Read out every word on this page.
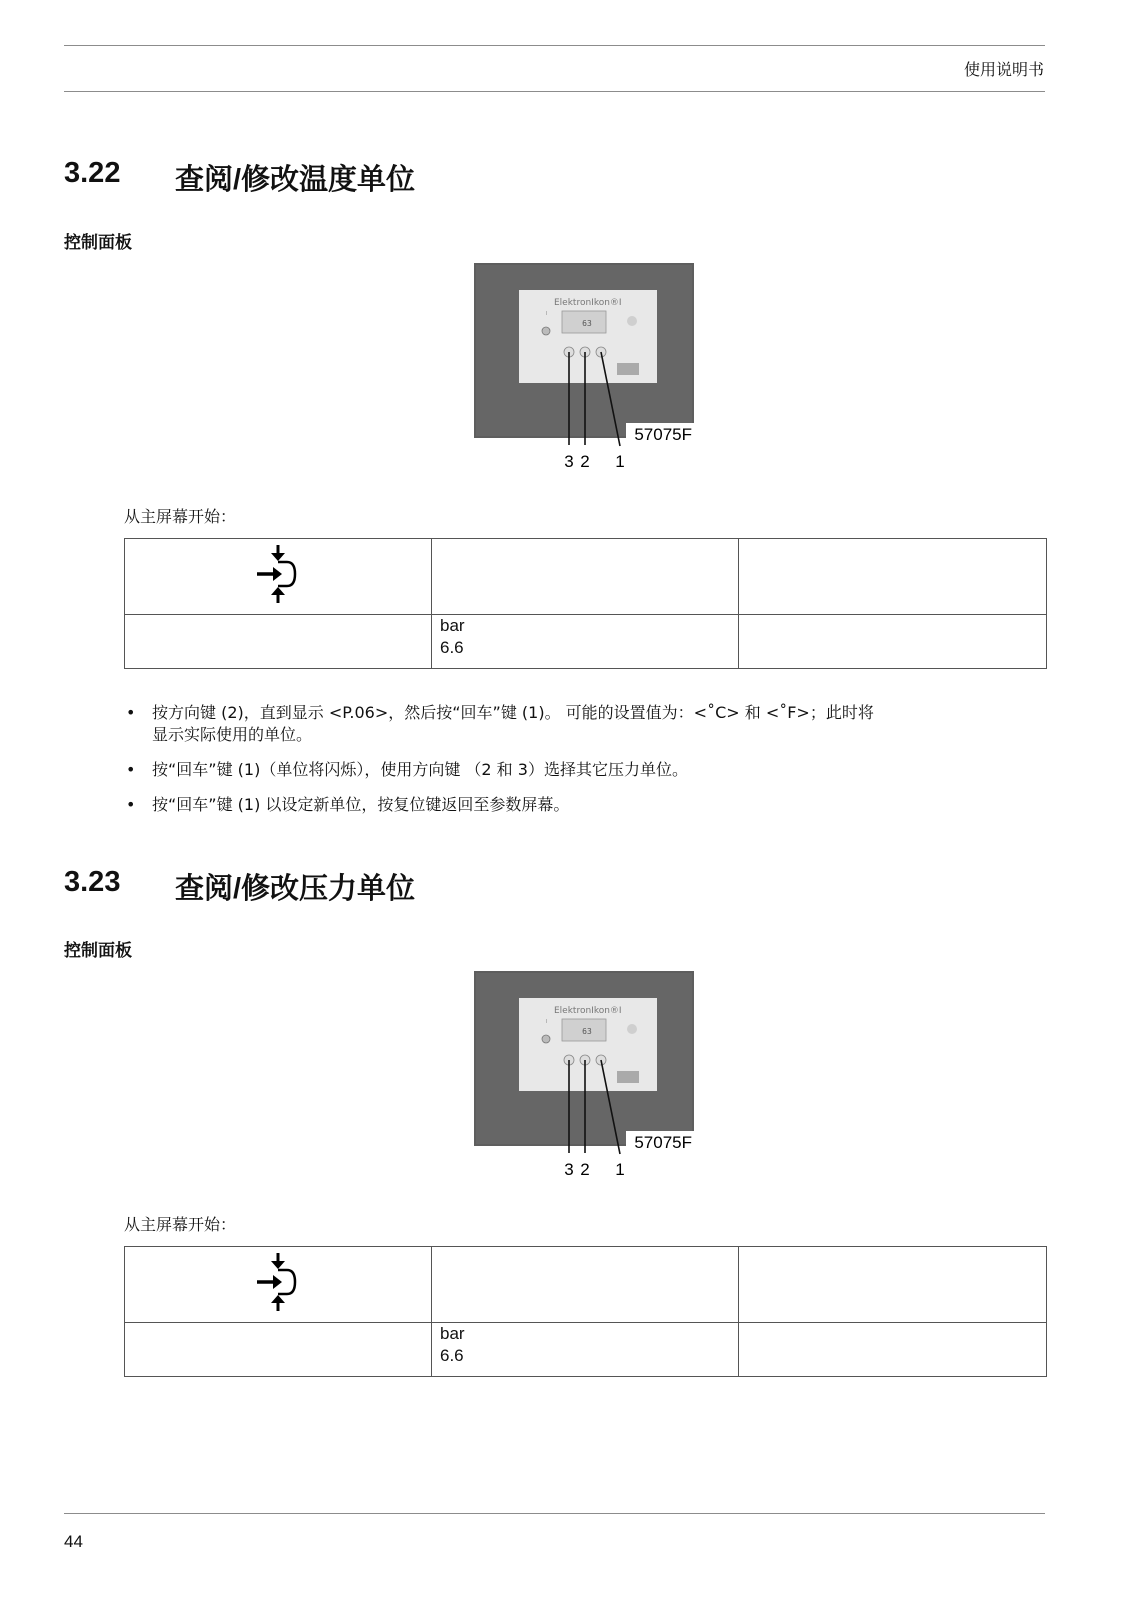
使用说明书
3.22 查阅/修改温度单位
控制面板
ElektronIkon®I
I
63
3 2 1
57075F
从主屏幕开始：

	bar
6.6	

• 按方向键 (2)，直到显示 <P.06>，然后按“回车”键 (1)。 可能的设置值为：<˚C> 和 <˚F>；此时将显示实际使用的单位。
• 按“回车”键 (1)（单位将闪烁），使用方向键 （2 和 3）选择其它压力单位。
• 按“回车”键 (1) 以设定新单位，按复位键返回至参数屏幕。
3.23 查阅/修改压力单位
控制面板
ElektronIkon®I
I
63
3 2 1
57075F
从主屏幕开始：

	bar
6.6	

44
